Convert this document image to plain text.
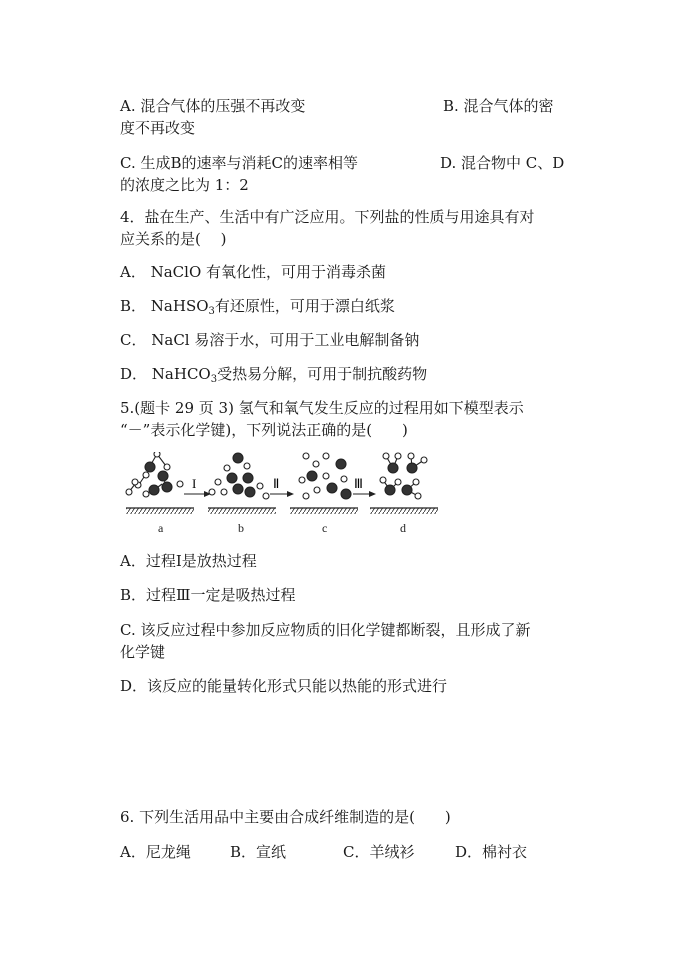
A. 混合气体的压强不再改变	B. 混合气体的密
度不再改变
C. 生成B的速率与消耗C的速率相等	D. 混合物中 C、D
的浓度之比为 1：2
4．盐在生产、生活中有广泛应用。下列盐的性质与用途具有对
应关系的是(　 )
A． NaClO 有氧化性，可用于消毒杀菌
B． NaHSO$_3$有还原性，可用于漂白纸浆
C． NaCl 易溶于水，可用于工业电解制备钠
D． NaHCO$_3$受热易分解，可用于制抗酸药物
5.(题卡 29 页 3) 氢气和氧气发生反应的过程用如下模型表示
“－”表示化学键)，下列说法正确的是(　　)
I	Ⅱ	Ⅲ
a	b	c	d
A．过程Ⅰ是放热过程
B．过程Ⅲ一定是吸热过程
C. 该反应过程中参加反应物质的旧化学键都断裂，且形成了新
化学键
D．该反应的能量转化形式只能以热能的形式进行
6. 下列生活用品中主要由合成纤维制造的是(　　)
A．尼龙绳	B．宣纸	C．羊绒衫	D．棉衬衣
